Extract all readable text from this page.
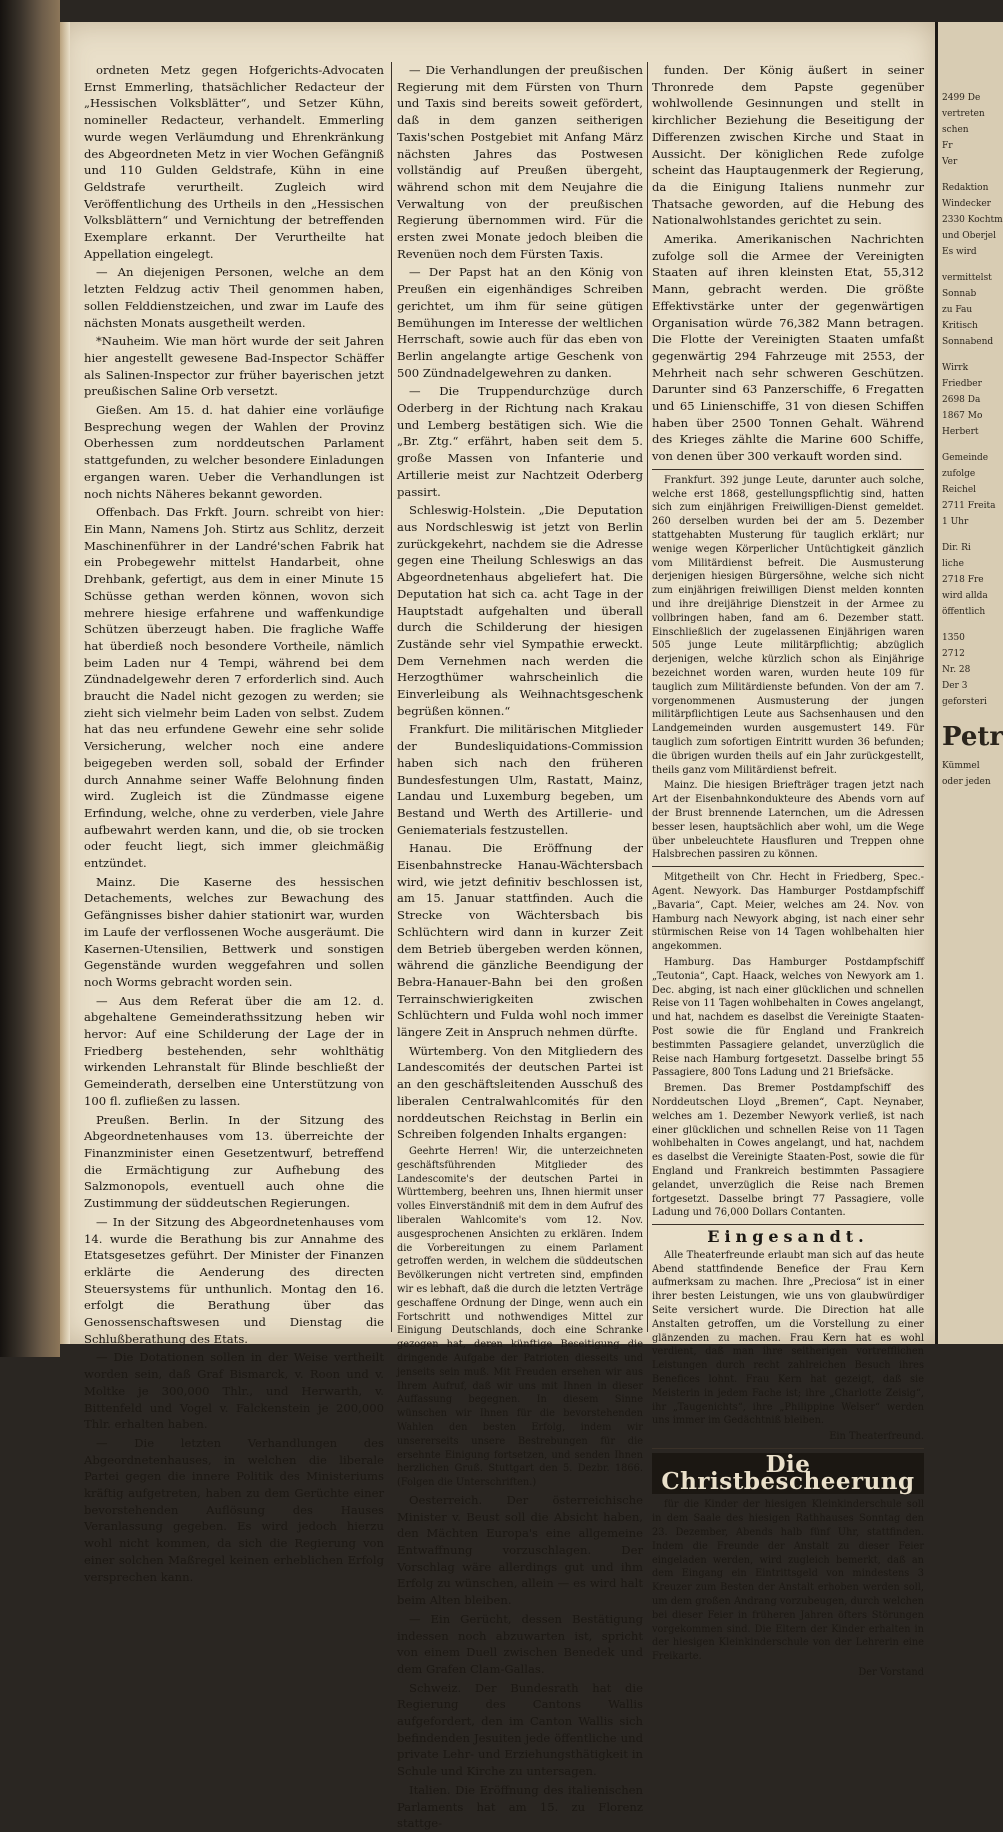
ordneten Metz gegen Hofgerichts-Advocaten Ernst Emmerling, thatsächlicher Redacteur der „Hessischen Volksblätter“, und Setzer Kühn, nomineller Redacteur, verhandelt. Emmerling wurde wegen Verläumdung und Ehrenkränkung des Abgeordneten Metz in vier Wochen Gefängniß und 110 Gulden Geldstrafe, Kühn in eine Geldstrafe verurtheilt. Zugleich wird Veröffentlichung des Urtheils in den „Hessischen Volksblättern“ und Vernichtung der betreffenden Exemplare erkannt. Der Verurtheilte hat Appellation eingelegt.

— An diejenigen Personen, welche an dem letzten Feldzug activ Theil genommen haben, sollen Felddienstzeichen, und zwar im Laufe des nächsten Monats ausgetheilt werden.

*Nauheim. Wie man hört wurde der seit Jahren hier angestellt gewesene Bad-Inspector Schäffer als Salinen-Inspector zur früher bayerischen jetzt preußischen Saline Orb versetzt.

Gießen. Am 15. d. hat dahier eine vorläufige Besprechung wegen der Wahlen der Provinz Oberhessen zum norddeutschen Parlament stattgefunden, zu welcher besondere Einladungen ergangen waren. Ueber die Verhandlungen ist noch nichts Näheres bekannt geworden.

Offenbach. Das Frkft. Journ. schreibt von hier: Ein Mann, Namens Joh. Stirtz aus Schlitz, derzeit Maschinenführer in der Landré'schen Fabrik hat ein Probegewehr mittelst Handarbeit, ohne Drehbank, gefertigt, aus dem in einer Minute 15 Schüsse gethan werden können, wovon sich mehrere hiesige erfahrene und waffenkundige Schützen überzeugt haben. Die fragliche Waffe hat überdieß noch besondere Vortheile, nämlich beim Laden nur 4 Tempi, während bei dem Zündnadelgewehr deren 7 erforderlich sind. Auch braucht die Nadel nicht gezogen zu werden; sie zieht sich vielmehr beim Laden von selbst. Zudem hat das neu erfundene Gewehr eine sehr solide Versicherung, welcher noch eine andere beigegeben werden soll, sobald der Erfinder durch Annahme seiner Waffe Belohnung finden wird. Zugleich ist die Zündmasse eigene Erfindung, welche, ohne zu verderben, viele Jahre aufbewahrt werden kann, und die, ob sie trocken oder feucht liegt, sich immer gleichmäßig entzündet.

Mainz. Die Kaserne des hessischen Detachements, welches zur Bewachung des Gefängnisses bisher dahier stationirt war, wurden im Laufe der verflossenen Woche ausgeräumt. Die Kasernen-Utensilien, Bettwerk und sonstigen Gegenstände wurden weggefahren und sollen noch Worms gebracht worden sein.

— Aus dem Referat über die am 12. d. abgehaltene Gemeinderathssitzung heben wir hervor: Auf eine Schilderung der Lage der in Friedberg bestehenden, sehr wohlthätig wirkenden Lehranstalt für Blinde beschließt der Gemeinderath, derselben eine Unterstützung von 100 fl. zufließen zu lassen.

Preußen. Berlin. In der Sitzung des Abgeordnetenhauses vom 13. überreichte der Finanzminister einen Gesetzentwurf, betreffend die Ermächtigung zur Aufhebung des Salzmonopols, eventuell auch ohne die Zustimmung der süddeutschen Regierungen.

— In der Sitzung des Abgeordnetenhauses vom 14. wurde die Berathung bis zur Annahme des Etatsgesetzes geführt. Der Minister der Finanzen erklärte die Aenderung des directen Steuersystems für unthunlich. Montag den 16. erfolgt die Berathung über das Genossenschaftswesen und Dienstag die Schlußberathung des Etats.

— Die Dotationen sollen in der Weise vertheilt worden sein, daß Graf Bismarck, v. Roon und v. Moltke je 300,000 Thlr., und Herwarth, v. Bittenfeld und Vogel v. Falckenstein je 200,000 Thlr. erhalten haben.

— Die letzten Verhandlungen des Abgeordnetenhauses, in welchen die liberale Partei gegen die innere Politik des Ministeriums kräftig aufgetreten, haben zu dem Gerüchte einer bevorstehenden Auflösung des Hauses Veranlassung gegeben. Es wird jedoch hierzu wohl nicht kommen, da sich die Regierung von einer solchen Maßregel keinen erheblichen Erfolg versprechen kann.

— Die Verhandlungen der preußischen Regierung mit dem Fürsten von Thurn und Taxis sind bereits soweit gefördert, daß in dem ganzen seitherigen Taxis'schen Postgebiet mit Anfang März nächsten Jahres das Postwesen vollständig auf Preußen übergeht, während schon mit dem Neujahre die Verwaltung von der preußischen Regierung übernommen wird. Für die ersten zwei Monate jedoch bleiben die Revenüen noch dem Fürsten Taxis.

— Der Papst hat an den König von Preußen ein eigenhändiges Schreiben gerichtet, um ihm für seine gütigen Bemühungen im Interesse der weltlichen Herrschaft, sowie auch für das eben von Berlin angelangte artige Geschenk von 500 Zündnadelgewehren zu danken.

— Die Truppendurchzüge durch Oderberg in der Richtung nach Krakau und Lemberg bestätigen sich. Wie die „Br. Ztg.“ erfährt, haben seit dem 5. große Massen von Infanterie und Artillerie meist zur Nachtzeit Oderberg passirt.

Schleswig-Holstein. „Die Deputation aus Nordschleswig ist jetzt von Berlin zurückgekehrt, nachdem sie die Adresse gegen eine Theilung Schleswigs an das Abgeordnetenhaus abgeliefert hat. Die Deputation hat sich ca. acht Tage in der Hauptstadt aufgehalten und überall durch die Schilderung der hiesigen Zustände sehr viel Sympathie erweckt. Dem Vernehmen nach werden die Herzogthümer wahrscheinlich die Einverleibung als Weihnachtsgeschenk begrüßen können.“

Frankfurt. Die militärischen Mitglieder der Bundesliquidations-Commission haben sich nach den früheren Bundesfestungen Ulm, Rastatt, Mainz, Landau und Luxemburg begeben, um Bestand und Werth des Artillerie- und Geniematerials festzustellen.

Hanau. Die Eröffnung der Eisenbahnstrecke Hanau-Wächtersbach wird, wie jetzt definitiv beschlossen ist, am 15. Januar stattfinden. Auch die Strecke von Wächtersbach bis Schlüchtern wird dann in kurzer Zeit dem Betrieb übergeben werden können, während die gänzliche Beendigung der Bebra-Hanauer-Bahn bei den großen Terrainschwierigkeiten zwischen Schlüchtern und Fulda wohl noch immer längere Zeit in Anspruch nehmen dürfte.

Würtemberg. Von den Mitgliedern des Landescomités der deutschen Partei ist an den geschäftsleitenden Ausschuß des liberalen Centralwahlcomités für den norddeutschen Reichstag in Berlin ein Schreiben folgenden Inhalts ergangen:

Geehrte Herren! Wir, die unterzeichneten geschäftsführenden Mitglieder des Landescomite's der deutschen Partei in Württemberg, beehren uns, Ihnen hiermit unser volles Einverständniß mit dem in dem Aufruf des liberalen Wahlcomite's vom 12. Nov. ausgesprochenen Ansichten zu erklären. Indem die Vorbereitungen zu einem Parlament getroffen werden, in welchem die süddeutschen Bevölkerungen nicht vertreten sind, empfinden wir es lebhaft, daß die durch die letzten Verträge geschaffene Ordnung der Dinge, wenn auch ein Fortschritt und nothwendiges Mittel zur Einigung Deutschlands, doch eine Schranke gezogen hat, deren künftige Beseitigung die dringende Aufgabe der Patrioten diesseits und jenseits sein muß. Mit Freuden ersehen wir aus Ihrem Aufruf, daß wir uns mit Ihnen in dieser Auffassung begegnen. In diesem Sinne wünschen wir Ihnen für die bevorstehenden Wahlen den besten Erfolg, indem wir unsererseits unsere Bestrebungen für die ersehnte Einigung fortsetzen, und senden Ihnen herzlichen Gruß. Stuttgart den 5. Dezbr. 1866. (Folgen die Unterschriften.)

Oesterreich. Der österreichische Minister v. Beust soll die Absicht haben, den Mächten Europa's eine allgemeine Entwaffnung vorzuschlagen. Der Vorschlag wäre allerdings gut und ihm Erfolg zu wünschen, allein — es wird halt beim Alten bleiben.

— Ein Gerücht, dessen Bestätigung indessen noch abzuwarten ist, spricht von einem Duell zwischen Benedek und dem Grafen Clam-Gallas.

Schweiz. Der Bundesrath hat die Regierung des Cantons Wallis aufgefordert, den im Canton Wallis sich befindenden Jesuiten jede öffentliche und private Lehr- und Erziehungsthätigkeit in Schule und Kirche zu untersagen.

Italien. Die Eröffnung des italienischen Parlaments hat am 15. zu Florenz stattge-

funden. Der König äußert in seiner Thronrede dem Papste gegenüber wohlwollende Gesinnungen und stellt in kirchlicher Beziehung die Beseitigung der Differenzen zwischen Kirche und Staat in Aussicht. Der königlichen Rede zufolge scheint das Hauptaugenmerk der Regierung, da die Einigung Italiens nunmehr zur Thatsache geworden, auf die Hebung des Nationalwohlstandes gerichtet zu sein.

Amerika. Amerikanischen Nachrichten zufolge soll die Armee der Vereinigten Staaten auf ihren kleinsten Etat, 55,312 Mann, gebracht werden. Die größte Effektivstärke unter der gegenwärtigen Organisation würde 76,382 Mann betragen. Die Flotte der Vereinigten Staaten umfaßt gegenwärtig 294 Fahrzeuge mit 2553, der Mehrheit nach sehr schweren Geschützen. Darunter sind 63 Panzerschiffe, 6 Fregatten und 65 Linienschiffe, 31 von diesen Schiffen haben über 2500 Tonnen Gehalt. Während des Krieges zählte die Marine 600 Schiffe, von denen über 300 verkauft worden sind.

Frankfurt. 392 junge Leute, darunter auch solche, welche erst 1868, gestellungspflichtig sind, hatten sich zum einjährigen Freiwilligen-Dienst gemeldet. 260 derselben wurden bei der am 5. Dezember stattgehabten Musterung für tauglich erklärt; nur wenige wegen Körperlicher Untüchtigkeit gänzlich vom Militärdienst befreit. Die Ausmusterung derjenigen hiesigen Bürgersöhne, welche sich nicht zum einjährigen freiwilligen Dienst melden konnten und ihre dreijährige Dienstzeit in der Armee zu vollbringen haben, fand am 6. Dezember statt. Einschließlich der zugelassenen Einjährigen waren 505 junge Leute militärpflichtig; abzüglich derjenigen, welche kürzlich schon als Einjährige bezeichnet worden waren, wurden heute 109 für tauglich zum Militärdienste befunden. Von der am 7. vorgenommenen Ausmusterung der jungen militärpflichtigen Leute aus Sachsenhausen und den Landgemeinden wurden ausgemustert 149. Für tauglich zum sofortigen Eintritt wurden 36 befunden; die übrigen wurden theils auf ein Jahr zurückgestellt, theils ganz vom Militärdienst befreit.

Mainz. Die hiesigen Briefträger tragen jetzt nach Art der Eisenbahnkondukteure des Abends vorn auf der Brust brennende Laternchen, um die Adressen besser lesen, hauptsächlich aber wohl, um die Wege über unbeleuchtete Hausfluren und Treppen ohne Halsbrechen passiren zu können.

Mitgetheilt von Chr. Hecht in Friedberg, Spec.-Agent. Newyork. Das Hamburger Postdampfschiff „Bavaria“, Capt. Meier, welches am 24. Nov. von Hamburg nach Newyork abging, ist nach einer sehr stürmischen Reise von 14 Tagen wohlbehalten hier angekommen.

Hamburg. Das Hamburger Postdampfschiff „Teutonia“, Capt. Haack, welches von Newyork am 1. Dec. abging, ist nach einer glücklichen und schnellen Reise von 11 Tagen wohlbehalten in Cowes angelangt, und hat, nachdem es daselbst die Vereinigte Staaten-Post sowie die für England und Frankreich bestimmten Passagiere gelandet, unverzüglich die Reise nach Hamburg fortgesetzt. Dasselbe bringt 55 Passagiere, 800 Tons Ladung und 21 Briefsäcke.

Bremen. Das Bremer Postdampfschiff des Norddeutschen Lloyd „Bremen“, Capt. Neynaber, welches am 1. Dezember Newyork verließ, ist nach einer glücklichen und schnellen Reise von 11 Tagen wohlbehalten in Cowes angelangt, und hat, nachdem es daselbst die Vereinigte Staaten-Post, sowie die für England und Frankreich bestimmten Passagiere gelandet, unverzüglich die Reise nach Bremen fortgesetzt. Dasselbe bringt 77 Passagiere, volle Ladung und 76,000 Dollars Contanten.

Eingesandt.

Alle Theaterfreunde erlaubt man sich auf das heute Abend stattfindende Benefice der Frau Kern aufmerksam zu machen. Ihre „Preciosa“ ist in einer ihrer besten Leistungen, wie uns von glaubwürdiger Seite versichert wurde. Die Direction hat alle Anstalten getroffen, um die Vorstellung zu einer glänzenden zu machen. Frau Kern hat es wohl verdient, daß man ihre seitherigen vortrefflichen Leistungen durch recht zahlreichen Besuch ihres Benefices lohnt. Frau Kern hat gezeigt, daß sie Meisterin in jedem Fache ist; ihre „Charlotte Zeisig“, ihr „Taugenichts“, ihre „Philippine Welser“ werden uns immer im Gedächtniß bleiben.

Ein Theaterfreund.

Die Christbescheerung

für die Kinder der hiesigen Kleinkinderschule soll in dem Saale des hiesigen Rathhauses Sonntag den 23. Dezember, Abends halb fünf Uhr, stattfinden. Indem die Freunde der Anstalt zu dieser Feier eingeladen werden, wird zugleich bemerkt, daß an dem Eingang ein Eintrittsgeld von mindestens 3 Kreuzer zum Besten der Anstalt erhoben werden soll, um dem großen Andrang vorzubeugen, durch welchen bei dieser Feier in früheren Jahren öfters Störungen vorgekommen sind. Die Eltern der Kinder erhalten in der hiesigen Kleinkinderschule von der Lehrerin eine Freikarte.

Der Vorstand

2499 De
vertreten
schen
Fr
Ver
Redaktion
Windecker
2330 Kochtm
und Oberjel
Es wird
vermittelst
Sonnab
zu Fau
Kritisch
Sonnabend
Wirrk
Friedber
2698 Da
1867 Mo
Herbert
Gemeinde
zufolge
Reichel
2711 Freita
1 Uhr
Dir. Ri
liche
2718 Fre
wird allda
öffentlich
1350
2712
Nr. 28
Der 3
geforsteri
Petr
Kümmel
oder jeden
